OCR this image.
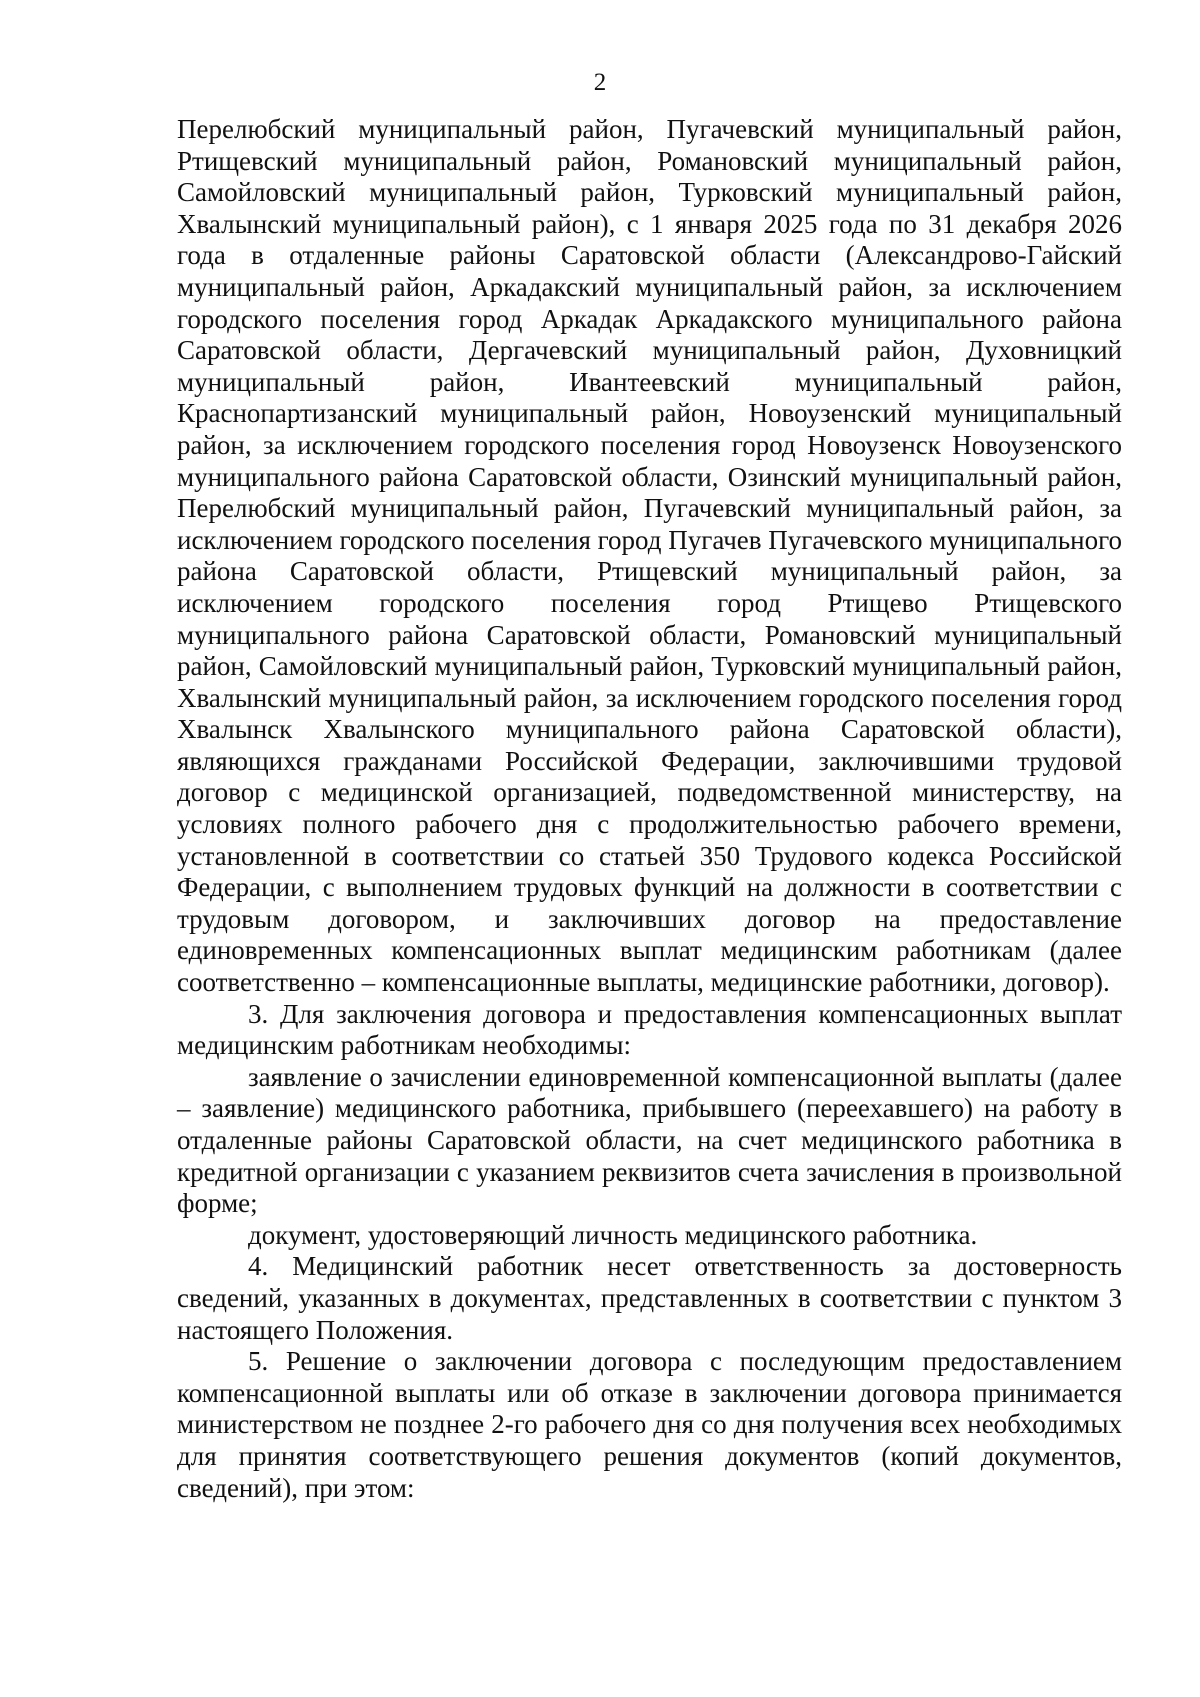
2

Перелюбский муниципальный район, Пугачевский муниципальный район, Ртищевский муниципальный район, Романовский муниципальный район, Самойловский муниципальный район, Турковский муниципальный район, Хвалынский муниципальный район), с 1 января 2025 года по 31 декабря 2026 года в отдаленные районы Саратовской области (Александрово-Гайский муниципальный район, Аркадакский муниципальный район, за исключением городского поселения город Аркадак Аркадакского муниципального района Саратовской области, Дергачевский муниципальный район, Духовницкий муниципальный район, Ивантеевский муниципальный район, Краснопартизанский муниципальный район, Новоузенский муниципальный район, за исключением городского поселения город Новоузенск Новоузенского муниципального района Саратовской области, Озинский муниципальный район, Перелюбский муниципальный район, Пугачевский муниципальный район, за исключением городского поселения город Пугачев Пугачевского муниципального района Саратовской области, Ртищевский муниципальный район, за исключением городского поселения город Ртищево Ртищевского муниципального района Саратовской области, Романовский муниципальный район, Самойловский муниципальный район, Турковский муниципальный район, Хвалынский муниципальный район, за исключением городского поселения город Хвалынск Хвалынского муниципального района Саратовской области), являющихся гражданами Российской Федерации, заключившими трудовой договор с медицинской организацией, подведомственной министерству, на условиях полного рабочего дня с продолжительностью рабочего времени, установленной в соответствии со статьей 350 Трудового кодекса Российской Федерации, с выполнением трудовых функций на должности в соответствии с трудовым договором, и заключивших договор на предоставление единовременных компенсационных выплат медицинским работникам (далее соответственно – компенсационные выплаты, медицинские работники, договор).

3. Для заключения договора и предоставления компенсационных выплат медицинским работникам необходимы:

заявление о зачислении единовременной компенсационной выплаты (далее – заявление) медицинского работника, прибывшего (переехавшего) на работу в отдаленные районы Саратовской области, на счет медицинского работника в кредитной организации с указанием реквизитов счета зачисления в произвольной форме;

документ, удостоверяющий личность медицинского работника.

4. Медицинский работник несет ответственность за достоверность сведений, указанных в документах, представленных в соответствии с пунктом 3 настоящего Положения.

5. Решение о заключении договора с последующим предоставлением компенсационной выплаты или об отказе в заключении договора принимается министерством не позднее 2-го рабочего дня со дня получения всех необходимых для принятия соответствующего решения документов (копий документов, сведений), при этом:
